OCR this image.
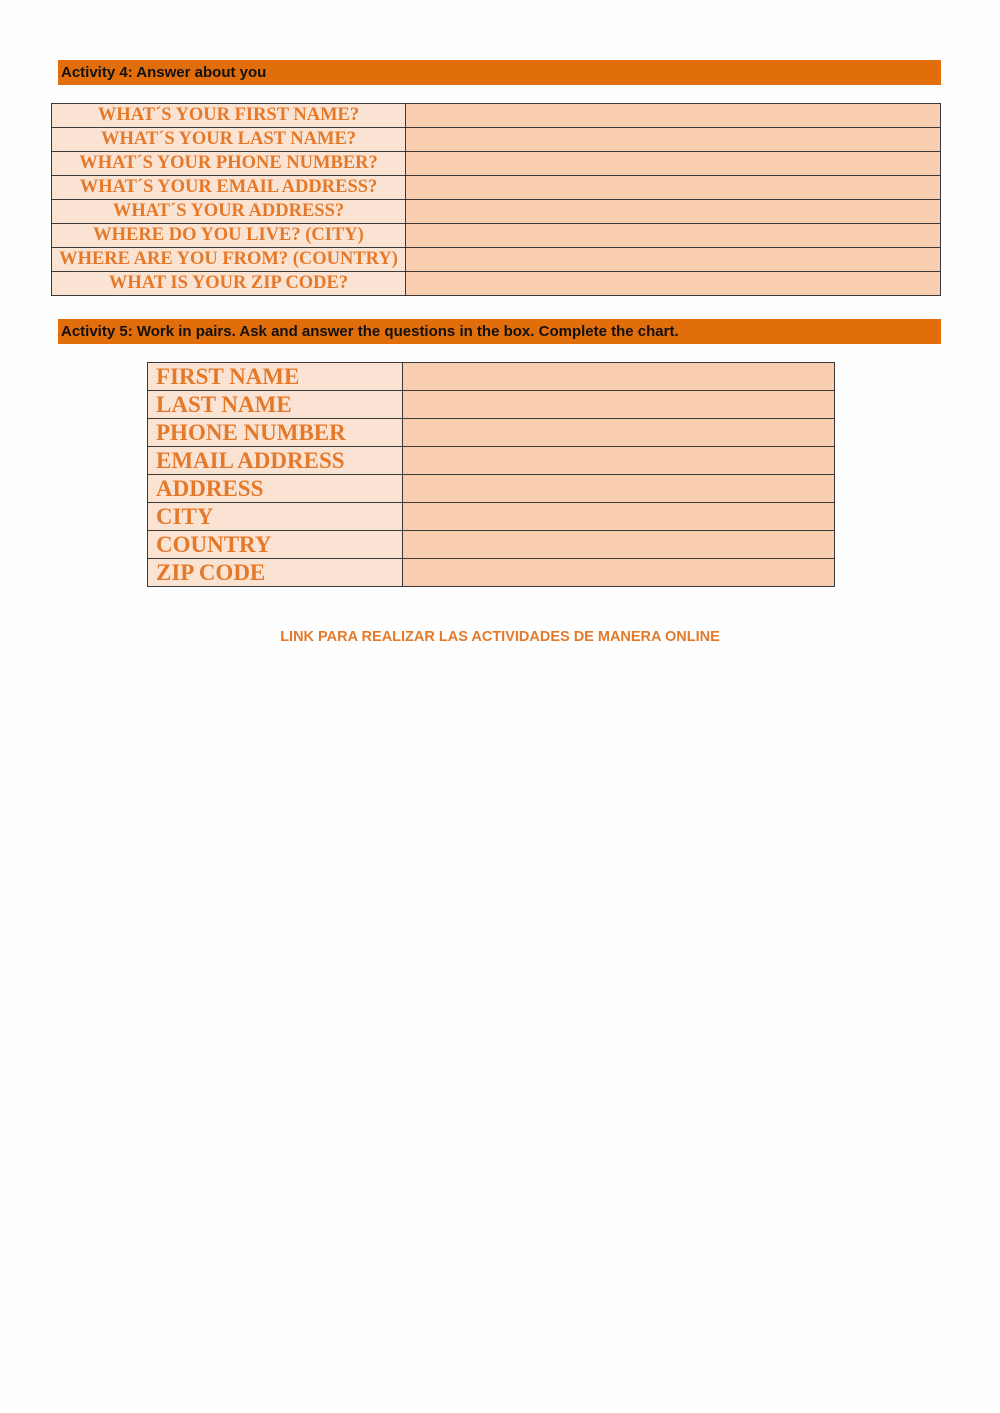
Activity 4: Answer about you
WHAT´S YOUR FIRST NAME?	
WHAT´S YOUR LAST NAME?	
WHAT´S YOUR PHONE NUMBER?	
WHAT´S YOUR EMAIL ADDRESS?	
WHAT´S YOUR ADDRESS?	
WHERE DO YOU LIVE? (CITY)	
WHERE ARE YOU FROM? (COUNTRY)	
WHAT IS YOUR ZIP CODE?	
Activity 5: Work in pairs. Ask and answer the questions in the box. Complete the chart.
FIRST NAME	
LAST NAME	
PHONE NUMBER	
EMAIL ADDRESS	
ADDRESS	
CITY	
COUNTRY	
ZIP CODE	
LINK PARA REALIZAR LAS ACTIVIDADES DE MANERA ONLINE
